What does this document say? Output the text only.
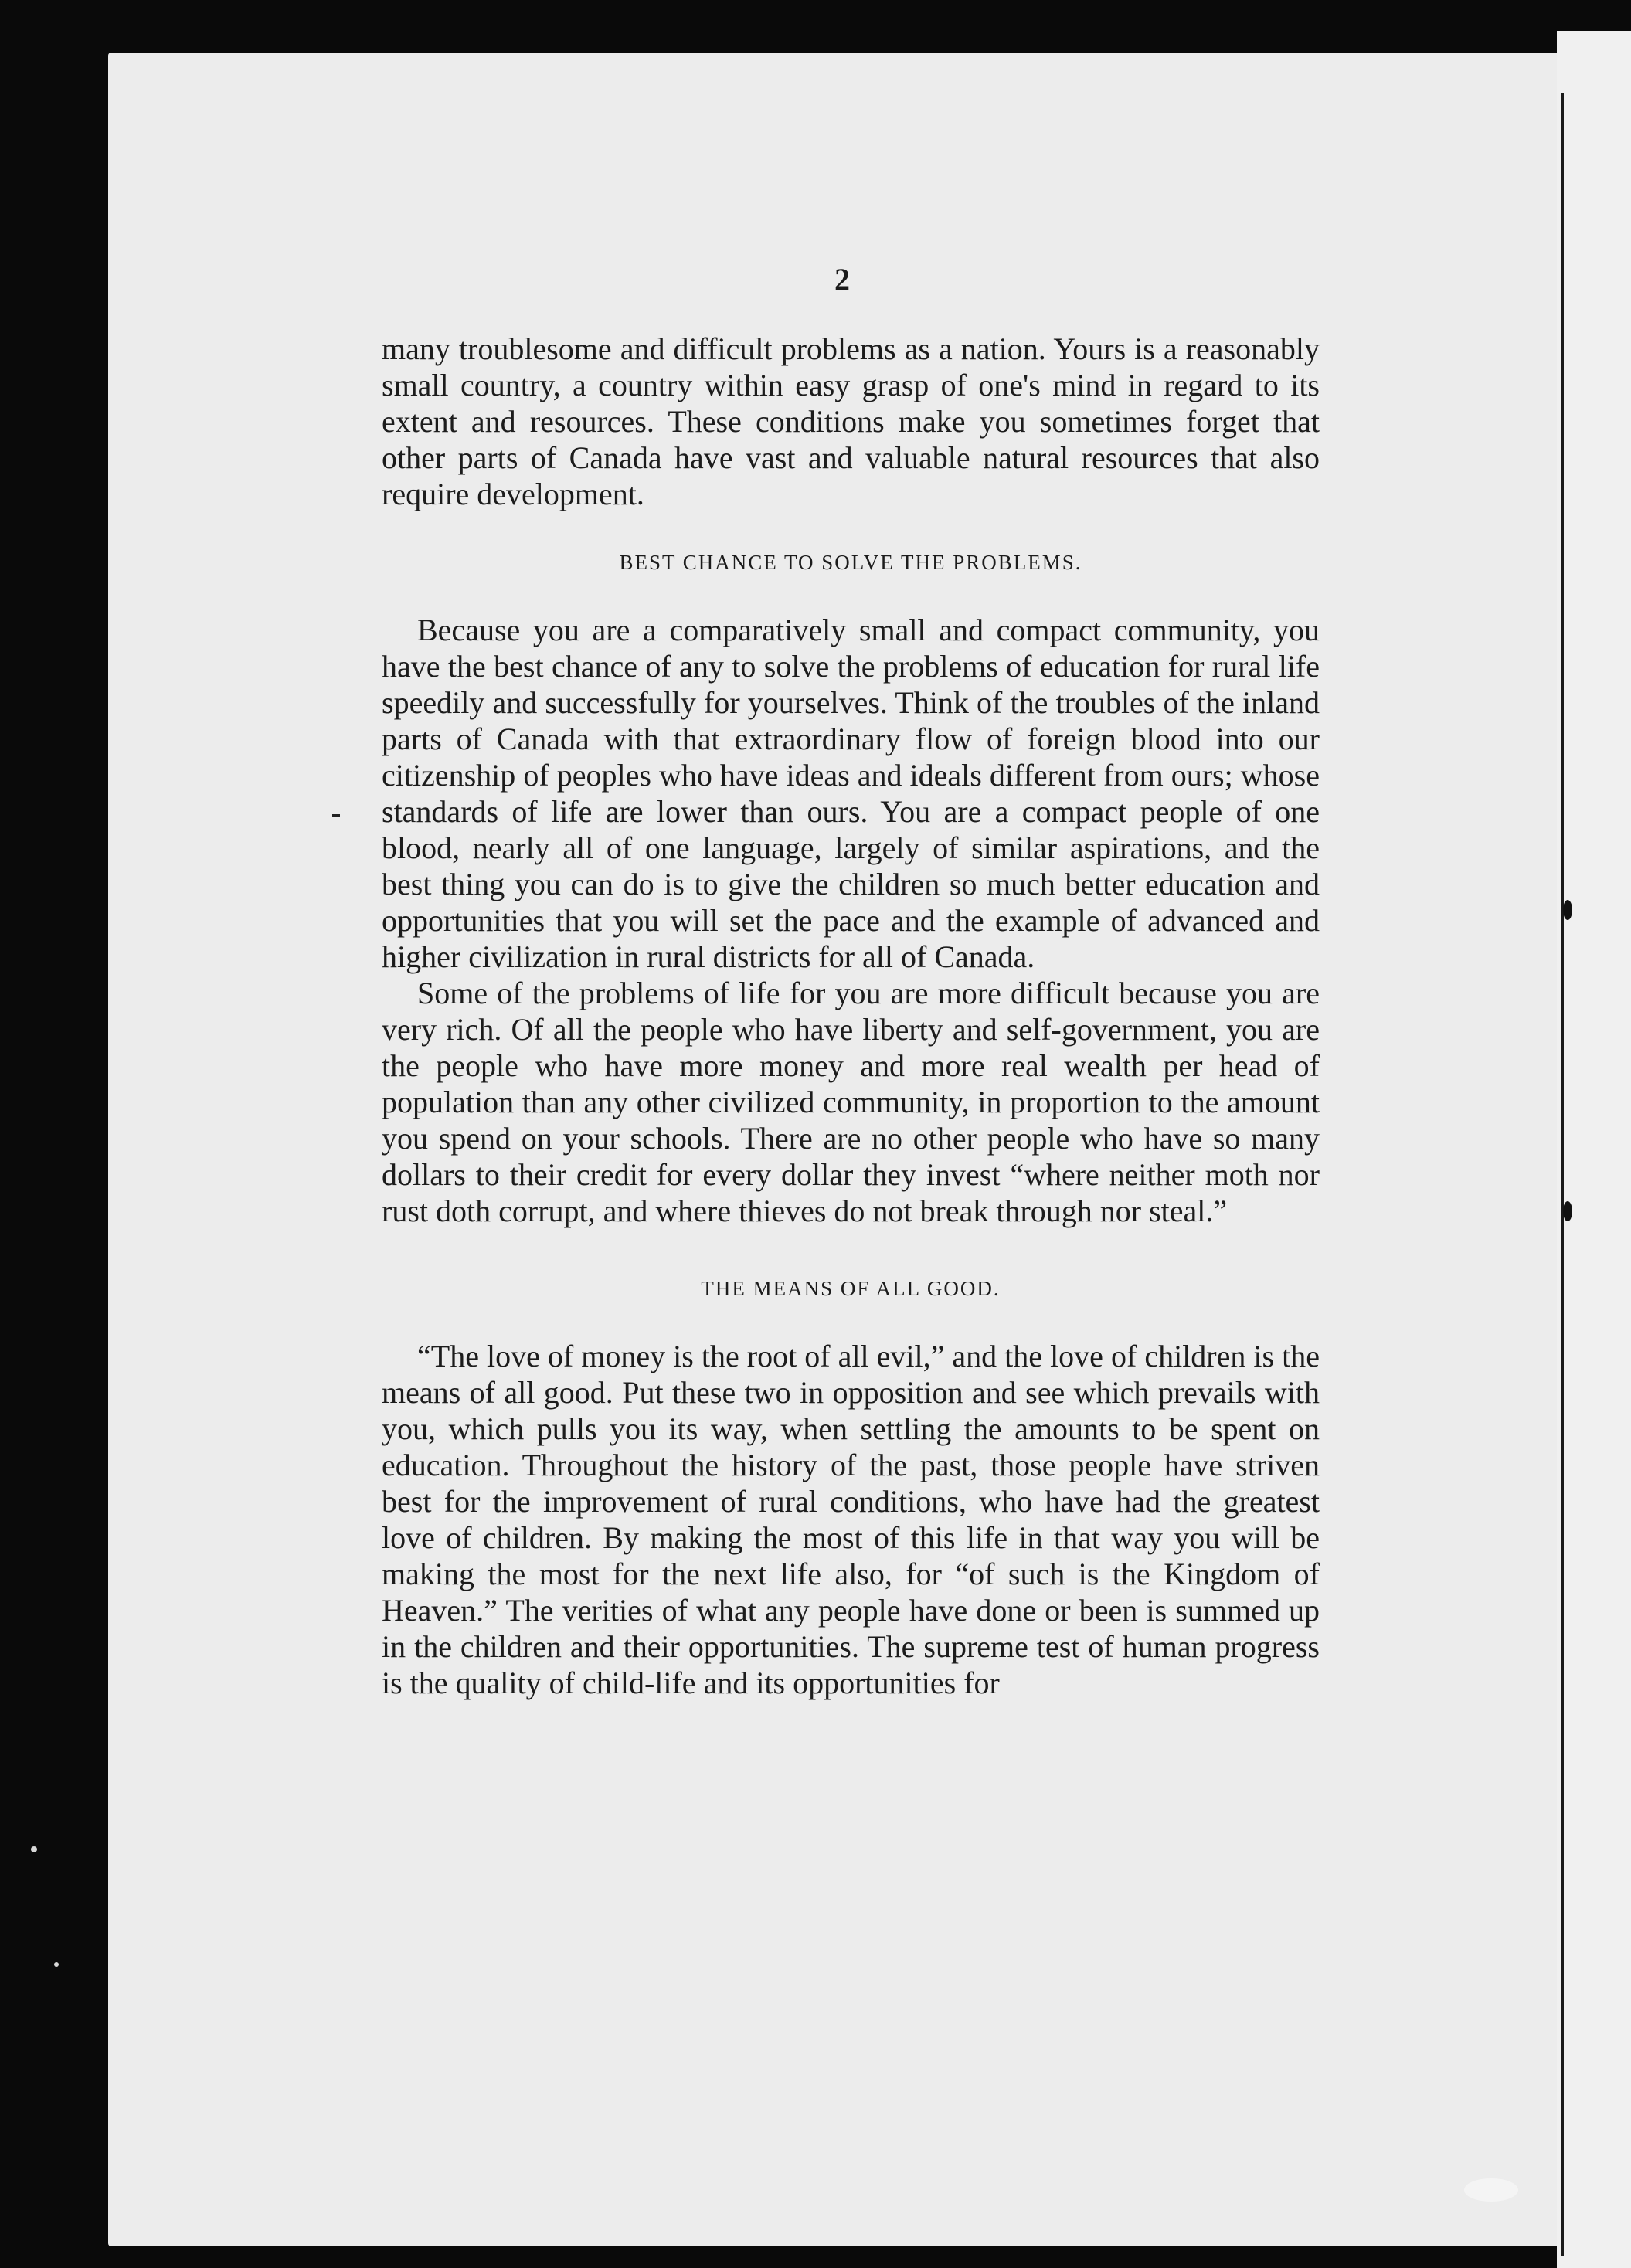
2

many troublesome and difficult problems as a nation. Yours is a reasonably small country, a country within easy grasp of one's mind in regard to its extent and resources. These conditions make you sometimes forget that other parts of Canada have vast and valuable natural resources that also require development.

BEST CHANCE TO SOLVE THE PROBLEMS.

Because you are a comparatively small and compact community, you have the best chance of any to solve the problems of education for rural life speedily and successfully for yourselves. Think of the troubles of the inland parts of Canada with that extraordinary flow of foreign blood into our citizenship of peoples who have ideas and ideals different from ours; whose standards of life are lower than ours. You are a compact people of one blood, nearly all of one language, largely of similar aspirations, and the best thing you can do is to give the children so much better education and opportunities that you will set the pace and the example of advanced and higher civilization in rural districts for all of Canada.

Some of the problems of life for you are more difficult because you are very rich. Of all the people who have liberty and self-government, you are the people who have more money and more real wealth per head of population than any other civilized community, in proportion to the amount you spend on your schools. There are no other people who have so many dollars to their credit for every dollar they invest “where neither moth nor rust doth corrupt, and where thieves do not break through nor steal.”

THE MEANS OF ALL GOOD.

“The love of money is the root of all evil,” and the love of children is the means of all good. Put these two in opposition and see which prevails with you, which pulls you its way, when settling the amounts to be spent on education. Throughout the history of the past, those people have striven best for the improvement of rural conditions, who have had the greatest love of children. By making the most of this life in that way you will be making the most for the next life also, for “of such is the Kingdom of Heaven.” The verities of what any people have done or been is summed up in the children and their opportunities. The supreme test of human progress is the quality of child-life and its opportunities for
